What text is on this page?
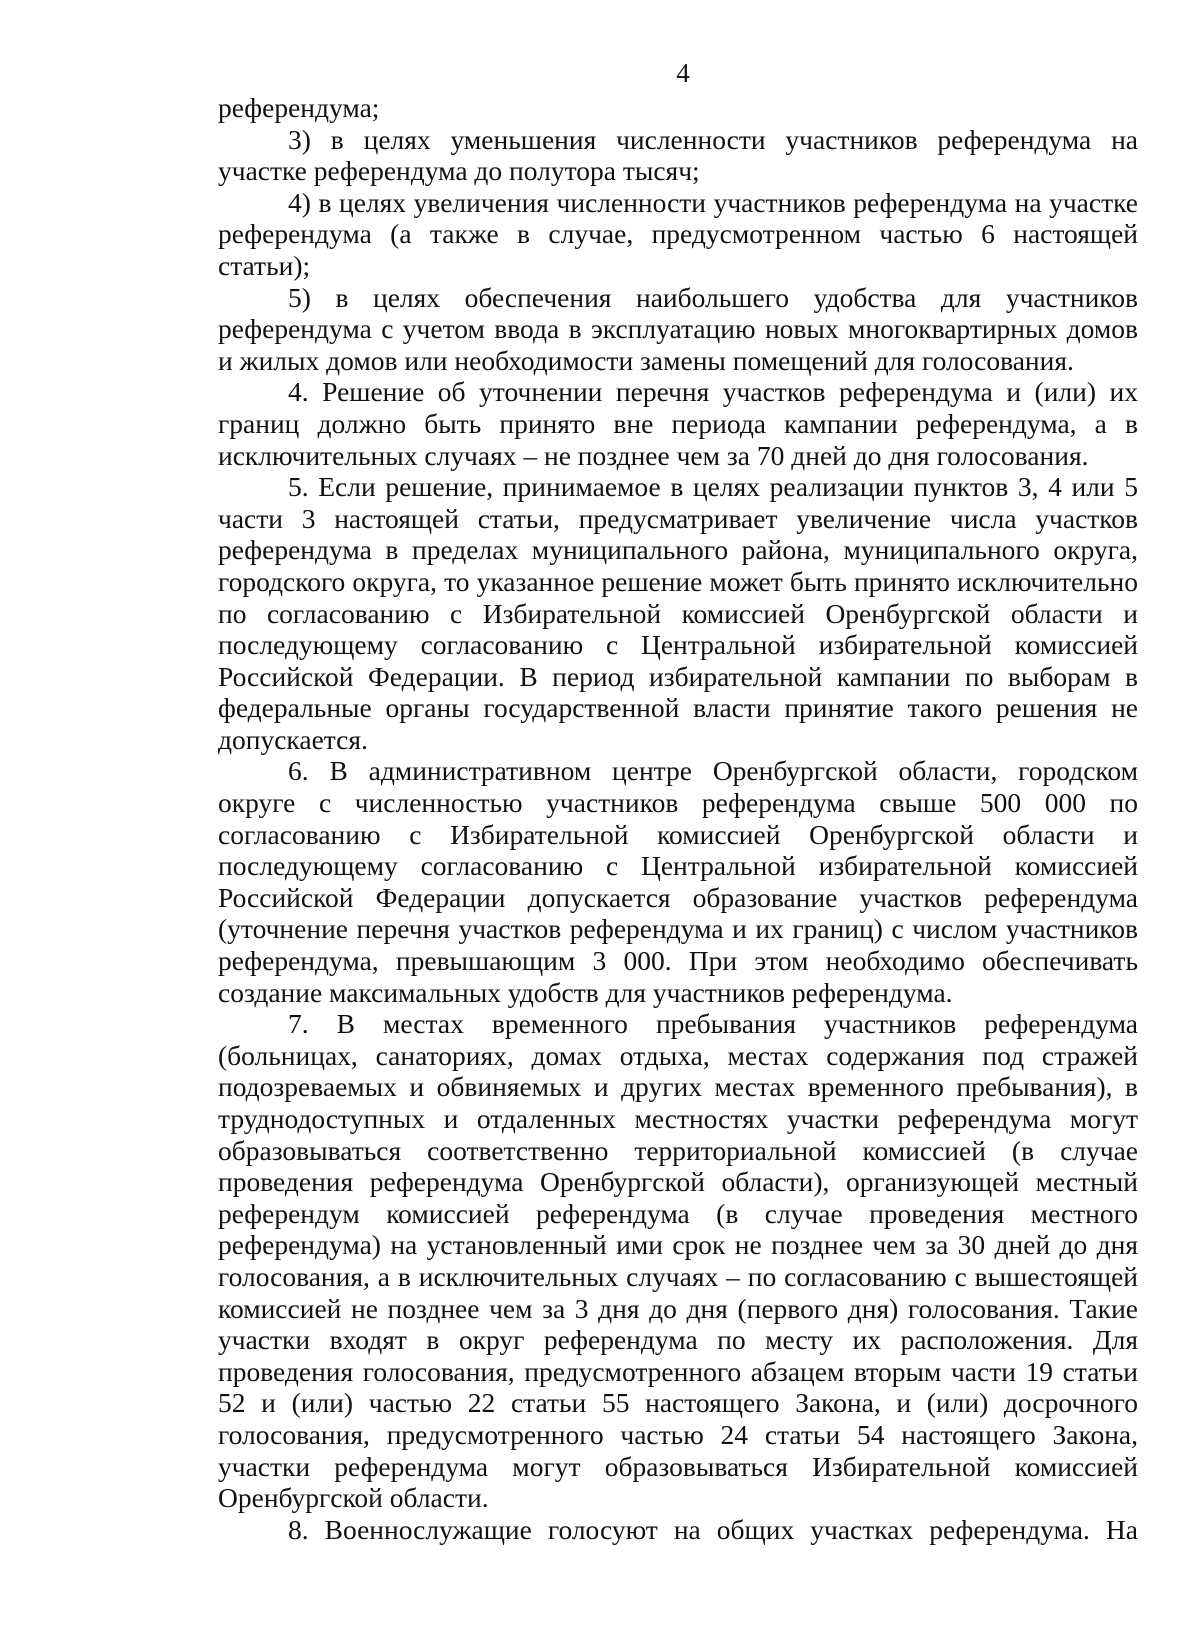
4

референдума;

3) в целях уменьшения численности участников референдума на участке референдума до полутора тысяч;

4) в целях увеличения численности участников референдума на участке референдума (а также в случае, предусмотренном частью 6 настоящей статьи);

5) в целях обеспечения наибольшего удобства для участников референдума с учетом ввода в эксплуатацию новых многоквартирных домов и жилых домов или необходимости замены помещений для голосования.

4. Решение об уточнении перечня участков референдума и (или) их границ должно быть принято вне периода кампании референдума, а в исключительных случаях – не позднее чем за 70 дней до дня голосования.

5. Если решение, принимаемое в целях реализации пунктов 3, 4 или 5 части 3 настоящей статьи, предусматривает увеличение числа участков референдума в пределах муниципального района, муниципального округа, городского округа, то указанное решение может быть принято исключительно по согласованию с Избирательной комиссией Оренбургской области и последующему согласованию с Центральной избирательной комиссией Российской Федерации. В период избирательной кампании по выборам в федеральные органы государственной власти принятие такого решения не допускается.

6. В административном центре Оренбургской области, городском округе с численностью участников референдума свыше 500 000 по согласованию с Избирательной комиссией Оренбургской области и последующему согласованию с Центральной избирательной комиссией Российской Федерации допускается образование участков референдума (уточнение перечня участков референдума и их границ) с числом участников референдума, превышающим 3 000. При этом необходимо обеспечивать создание максимальных удобств для участников референдума.

7. В местах временного пребывания участников референдума (больницах, санаториях, домах отдыха, местах содержания под стражей подозреваемых и обвиняемых и других местах временного пребывания), в труднодоступных и отдаленных местностях участки референдума могут образовываться соответственно территориальной комиссией (в случае проведения референдума Оренбургской области), организующей местный референдум комиссией референдума (в случае проведения местного референдума) на установленный ими срок не позднее чем за 30 дней до дня голосования, а в исключительных случаях – по согласованию с вышестоящей комиссией не позднее чем за 3 дня до дня (первого дня) голосования. Такие участки входят в округ референдума по месту их расположения. Для проведения голосования, предусмотренного абзацем вторым части 19 статьи 52 и (или) частью 22 статьи 55 настоящего Закона, и (или) досрочного голосования, предусмотренного частью 24 статьи 54 настоящего Закона, участки референдума могут образовываться Избирательной комиссией Оренбургской области.

8. Военнослужащие голосуют на общих участках референдума. На
